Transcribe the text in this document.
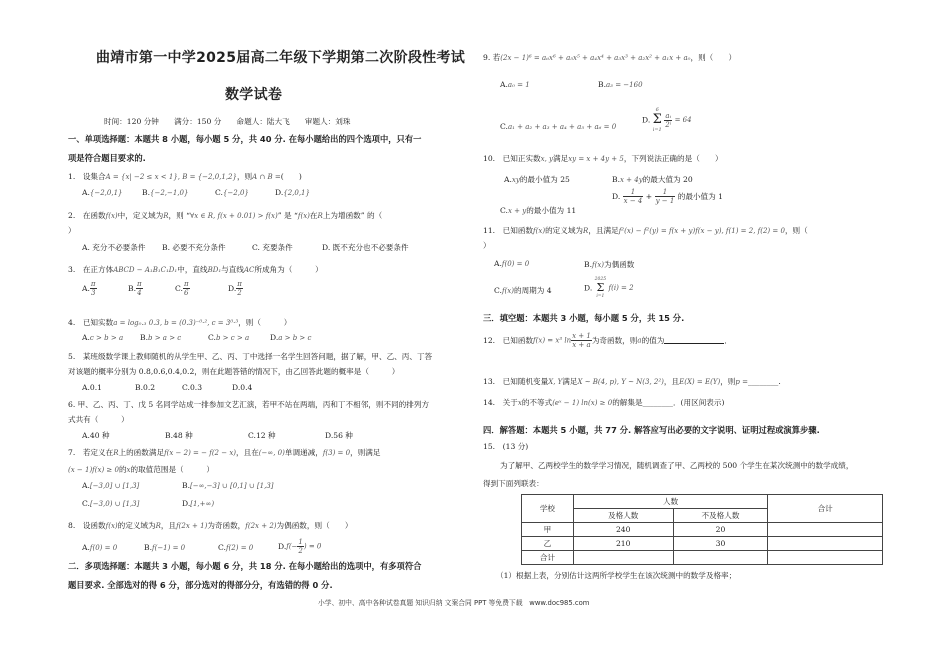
曲靖市第一中学2025届高二年级下学期第二次阶段性考试
数学试卷
时间：120 分钟　　满分：150 分　　命题人：陆大飞　　审题人：刘珠
一、单项选择题：本题共 8 小题，每小题 5 分，共 40 分. 在每小题给出的四个选项中，只有一
项是符合题目要求的.
1.　设集合A = {x| −2 ≤ x < 1}, B = {−2,0,1,2}，则A ∩ B =(　　)
A.{−2,0,1}	B.{−2,−1,0}	C.{−2,0}	D.{2,0,1}
2.　在函数f(x)中，定义域为R，则 “∀x ∈ R, f(x + 0.01) > f(x)” 是 “f(x)在R上为增函数” 的（
）
A. 充分不必要条件 B. 必要不充分条件	C. 充要条件	D. 既不充分也不必要条件
3.　在正方体ABCD − A₁B₁C₁D₁中，直线BD₁与直线AC所成角为（　　　）
A. $\frac{\pi}{3}$	B. $\frac{\pi}{4}$	C. $\frac{\pi}{6}$	D. $\frac{\pi}{2}$
4.　已知实数a = log₀.₃ 0.3, b = (0.3)⁻⁰·², c = 3⁰·³，则（　　　）
A.c > b > a B.b > a > c	C.b > c > a	D.a > b > c
5.　某班级数学课上教师随机的从学生甲、乙、丙、丁中选择一名学生回答问题，据了解，甲、乙、丙、丁答
对该题的概率分别为 0.8,0.6,0.4,0.2，则在此题答错的情况下，由乙回答此题的概率是（　　　）
A.0.1	B.0.2	C.0.3	D.0.4
6. 甲、乙、丙、丁、戊 5 名同学站成一排参加文艺汇演，若甲不站在两端，丙和丁不相邻，则不同的排列方
式共有（　　　）
A.40 种	B.48 种	C.12 种	D.56 种
7.　若定义在R上的函数满足f(x − 2) = − f(2 − x)，且在(−∞, 0)单调递减，f(3) = 0，则满足
(x − 1)f(x) ≥ 0的x的取值范围是（　　　）
A.[−3,0] ∪ [1,3]	B.[−∞,−3] ∪ [0,1] ∪ [1,3]
C.[−3,0) ∪ [1,3]	D.[1,+∞)
8.　设函数f(x)的定义域为R，且f(2x + 1)为奇函数，f(2x + 2)为偶函数，则（　　）
A.f(0) = 0	B.f(−1) = 0	C.f(2) = 0	$D.f(- \frac{1}{2}$ ) = 0
二．多项选择题：本题共 3 小题，每小题 6 分，共 18 分. 在每小题给出的选项中，有多项符合
题目要求. 全部选对的得 6 分，部分选对的得部分分，有选错的得 0 分.
9. 若(2x − 1)⁶ = a₆x⁶ + a₅x⁵ + a₄x⁴ + a₃x³ + a₂x² + a₁x + a₀，则（　　）
A.a₀ = 1	B.a₃ = −160
C.a₁ + a₂ + a₃ + a₄ + a₅ + a₆ = 0
D.
6
Σ
i=1

$\frac{\text{aᵢ}}{\text{2ⁱ}} = 64$
10.　已知正实数x, y满足xy = x + 4y + 5，下列说法正确的是（　　）
A.xy的最小值为 25	B.x + 4y的最大值为 20
C.x + y的最小值为 11
D. $\frac{1}{x - 4} + \frac{1}{y - 1}$ 的最小值为 1
11.　已知函数f(x)的定义域为R，且满足f²(x) − f²(y) = f(x + y)f(x − y), f(1) = 2, f(2) = 0，则（
）
A.f(0) = 0	B.f(x)为偶函数
C.f(x)的周期为 4	D.
2025
Σ
i=1
f(i) = 2
三．填空题：本题共 3 小题，每小题 5 分，共 15 分.
12.　已知函数f(x) = x³ $\ln \frac{x + 1}{x + a}$ 为奇函数，则a的值为	．
13.　已知随机变量X, Y满足X ~ B(4, p), Y ~ N(3, 2²)，且E(X) = E(Y)，则p =________.
14.　关于x的不等式(eˣ − 1) ln(x) ≥ 0的解集是________．(用区间表示)
四．解答题：本题共 5 小题，共 77 分. 解答应写出必要的文字说明、证明过程或演算步骤.
15.　(13 分)
为了解甲、乙两校学生的数学学习情况，随机调查了甲、乙两校的 500 个学生在某次统测中的数学成绩，
得到下面列联表：
学校	人数		合计
	及格人数	不及格人数	
甲	240	20	
乙	210	30	
合计			
（1）根据上表，分别估计这两所学校学生在该次统测中的数学及格率；
小学、初中、高中各种试卷真题 知识归纳 文案合同 PPT 等免费下载　www.doc985.com
